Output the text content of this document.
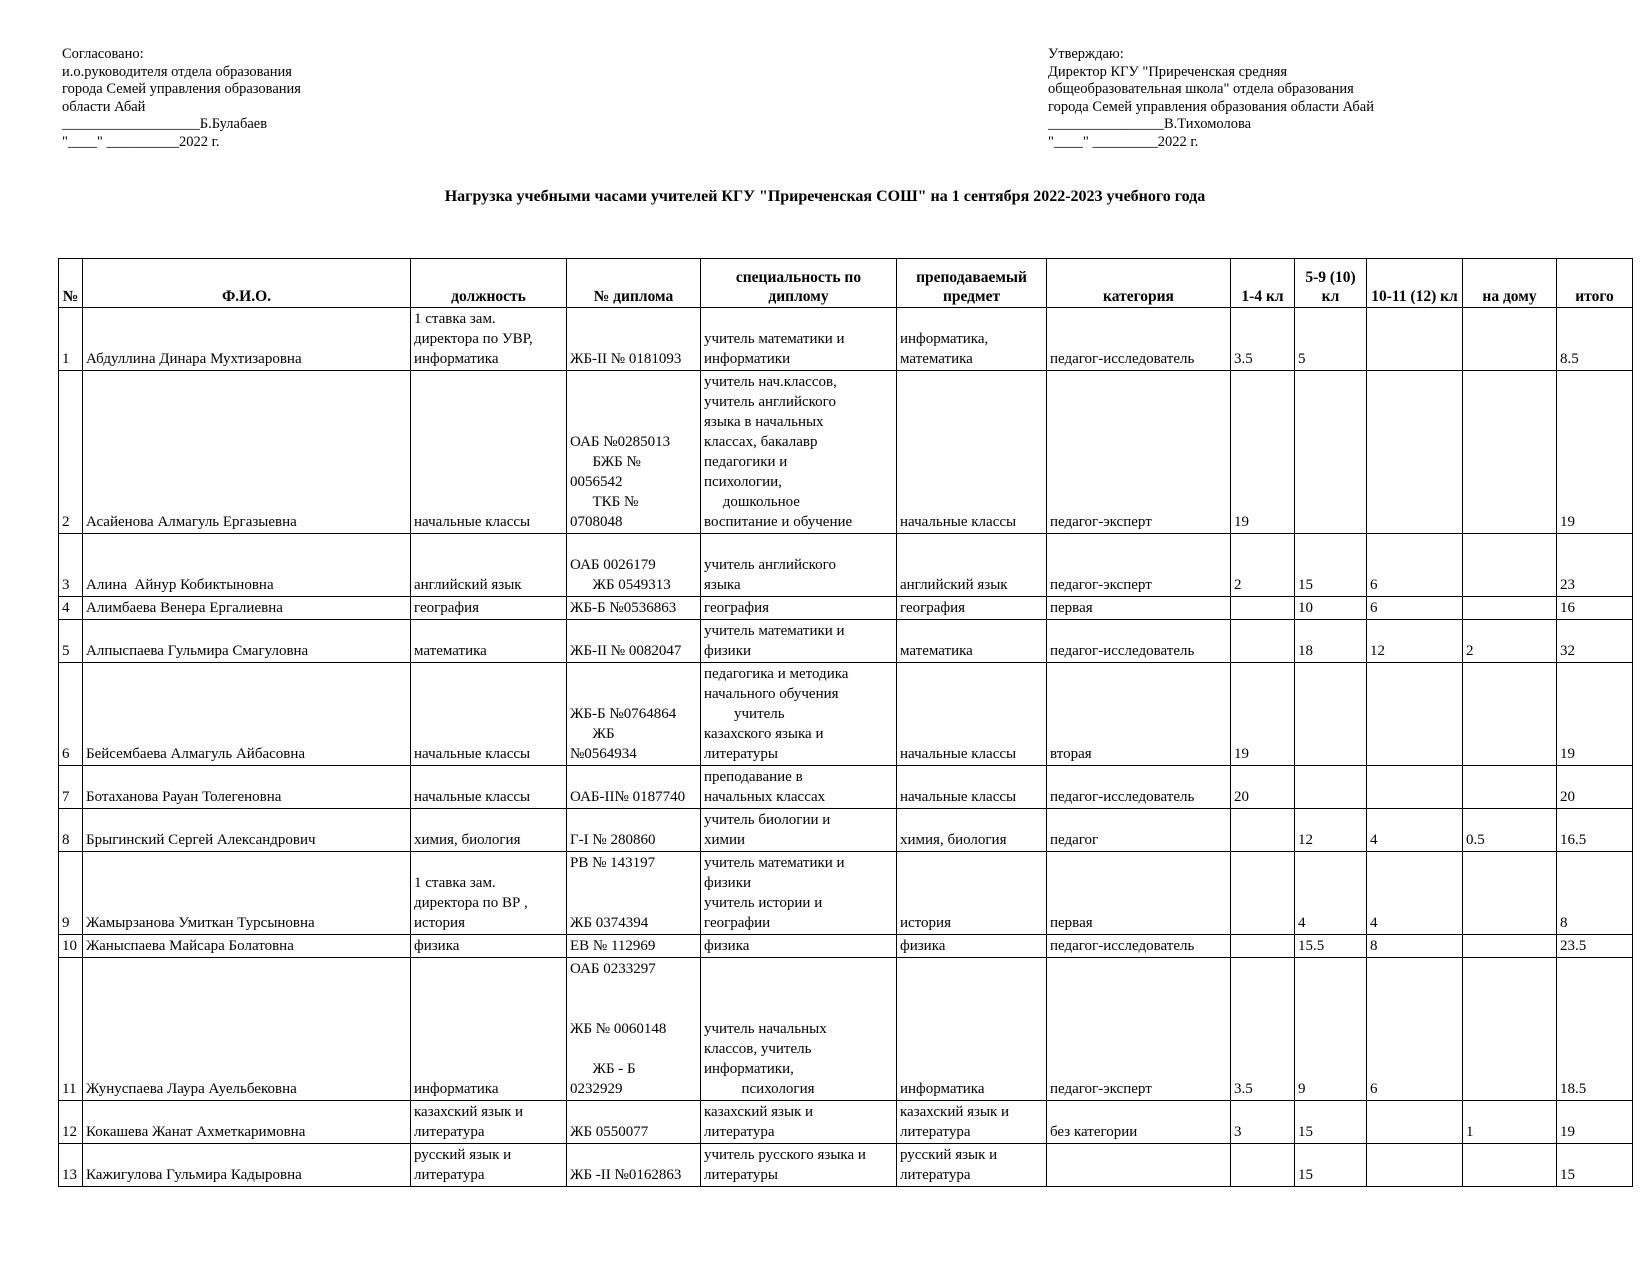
Согласовано:
и.о.руководителя отдела образования
города Семей управления образования
области Абай
___________________Б.Булабаев
"____" __________2022 г.
Утверждаю:
Директор КГУ "Приреченская средняя
общеобразовательная школа" отдела образования
города Семей управления образования области Абай
________________В.Тихомолова
"____" _________2022 г.
Нагрузка учебными часами учителей КГУ "Приреченская СОШ" на 1 сентября 2022-2023 учебного года
№	Ф.И.О.	должность	№ диплома	специальность по диплому	преподаваемый предмет	категория	1-4 кл	5-9 (10) кл	10-11 (12) кл	на дому	итого
1	Абдуллина Динара Мухтизаровна	1 ставка зам.
директора по УВР,
информатика	ЖБ-II № 0181093	учитель математики и
информатики	информатика,
математика	педагог-исследователь	3.5	5			8.5
2	Асайенова Алмагуль Ергазыевна	начальные классы	ОАБ №0285013
БЖБ №
0056542
ТКБ №
0708048	учитель нач.классов,
учитель английского
языка в начальных
классах, бакалавр
педагогики и
психологии,
дошкольное
воспитание и обучение	начальные классы	педагог-эксперт	19				19
3	Алина  Айнур Кобиктыновна	английский язык	
ОАБ 0026179
ЖБ 0549313	учитель английского
языка	английский язык	педагог-эксперт	2	15	6		23
4	Алимбаева Венера Ергалиевна	география	ЖБ-Б №0536863	география	география	первая		10	6		16
5	Алпыспаева Гульмира Смагуловна	математика	ЖБ-II № 0082047	учитель математики и
физики	математика	педагог-исследователь		18	12	2	32
6	Бейсембаева Алмагуль Айбасовна	начальные классы	ЖБ-Б №0764864
ЖБ
№0564934	педагогика и методика
начального обучения
учитель
казахского языка и
литературы	начальные классы	вторая	19				19
7	Ботаханова Рауан Толегеновна	начальные классы	ОАБ-II№ 0187740	преподавание в
начальных классах	начальные классы	педагог-исследователь	20				20
8	Брыгинский Сергей Александрович	химия, биология	Г-I № 280860	учитель биологии и
химии	химия, биология	педагог		12	4	0.5	16.5
9	Жамырзанова Умиткан Турсыновна	1 ставка зам.
директора по ВР ,
история	РВ № 143197

ЖБ 0374394	учитель математики и
физики
учитель истории и
географии	история	первая		4	4		8
10	Жаныспаева Майсара Болатовна	физика	ЕВ № 112969	физика	физика	педагог-исследователь		15.5	8		23.5
11	Жунуспаева Лаура Ауельбековна	информатика	ОАБ 0233297

ЖБ № 0060148

ЖБ - Б
0232929	учитель начальных
классов, учитель
информатики,
психология	информатика	педагог-эксперт	3.5	9	6		18.5
12	Кокашева Жанат Ахметкаримовна	казахский язык и
литература	ЖБ 0550077	казахский язык и
литература	казахский язык и
литература	без категории	3	15		1	19
13	Кажигулова Гульмира Кадыровна	русский язык и
литература	ЖБ -II №0162863	учитель русского языка и
литературы	русский язык и
литература			15			15
